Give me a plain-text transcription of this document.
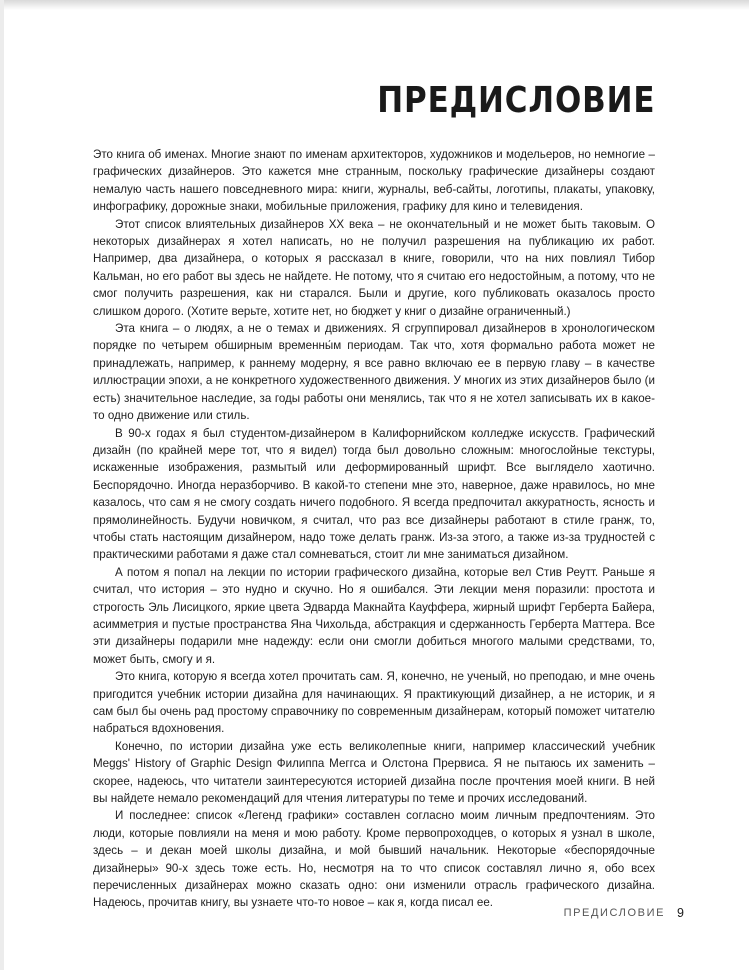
ПРЕДИСЛОВИЕ

Это книга об именах. Многие знают по именам архитекторов, художников и модельеров, но немногие – графических дизайнеров. Это кажется мне странным, поскольку графические дизайнеры создают немалую часть нашего повседневного мира: книги, журналы, веб-сайты, логотипы, плакаты, упаковку, инфографику, дорожные знаки, мобильные приложения, графику для кино и телевидения.

Этот список влиятельных дизайнеров XX века – не окончательный и не может быть таковым. О некоторых дизайнерах я хотел написать, но не получил разрешения на публикацию их работ. Например, два дизайнера, о которых я рассказал в книге, говорили, что на них повлиял Тибор Кальман, но его работ вы здесь не найдете. Не потому, что я считаю его недостойным, а потому, что не смог получить разрешения, как ни старался. Были и другие, кого публиковать оказалось просто слишком дорого. (Хотите верьте, хотите нет, но бюджет у книг о дизайне ограниченный.)

Эта книга – о людях, а не о темах и движениях. Я сгруппировал дизайнеров в хронологическом порядке по четырем обширным временны́м периодам. Так что, хотя формально работа может не принадлежать, например, к раннему модерну, я все равно включаю ее в первую главу – в качестве иллюстрации эпохи, а не конкретного художественного движения. У многих из этих дизайнеров было (и есть) значительное наследие, за годы работы они менялись, так что я не хотел записывать их в какое-то одно движение или стиль.

В 90-х годах я был студентом-дизайнером в Калифорнийском колледже искусств. Графический дизайн (по крайней мере тот, что я видел) тогда был довольно сложным: многослойные текстуры, искаженные изображения, размытый или деформированный шрифт. Все выглядело хаотично. Беспорядочно. Иногда неразборчиво. В какой-то степени мне это, наверное, даже нравилось, но мне казалось, что сам я не смогу создать ничего подобного. Я всегда предпочитал аккуратность, ясность и прямолинейность. Будучи новичком, я считал, что раз все дизайнеры работают в стиле гранж, то, чтобы стать настоящим дизайнером, надо тоже делать гранж. Из-за этого, а также из-за трудностей с практическими работами я даже стал сомневаться, стоит ли мне заниматься дизайном.

А потом я попал на лекции по истории графического дизайна, которые вел Стив Реутт. Раньше я считал, что история – это нудно и скучно. Но я ошибался. Эти лекции меня поразили: простота и строгость Эль Лисицкого, яркие цвета Эдварда Макнайта Кауффера, жирный шрифт Герберта Байера, асимметрия и пустые пространства Яна Чихольда, абстракция и сдержанность Герберта Маттера. Все эти дизайнеры подарили мне надежду: если они смогли добиться многого малыми средствами, то, может быть, смогу и я.

Это книга, которую я всегда хотел прочитать сам. Я, конечно, не ученый, но преподаю, и мне очень пригодится учебник истории дизайна для начинающих. Я практикующий дизайнер, а не историк, и я сам был бы очень рад простому справочнику по современным дизайнерам, который поможет читателю набраться вдохновения.

Конечно, по истории дизайна уже есть великолепные книги, например классический учебник Meggs' History of Graphic Design Филиппа Меггса и Олстона Прервиса. Я не пытаюсь их заменить – скорее, надеюсь, что читатели заинтересуются историей дизайна после прочтения моей книги. В ней вы найдете немало рекомендаций для чтения литературы по теме и прочих исследований.

И последнее: список «Легенд графики» составлен согласно моим личным предпочтениям. Это люди, которые повлияли на меня и мою работу. Кроме первопроходцев, о которых я узнал в школе, здесь – и декан моей школы дизайна, и мой бывший начальник. Некоторые «беспорядочные дизайнеры» 90-х здесь тоже есть. Но, несмотря на то что список составлял лично я, обо всех перечисленных дизайнерах можно сказать одно: они изменили отрасль графического дизайна. Надеюсь, прочитав книгу, вы узнаете что-то новое – как я, когда писал ее.

ПРЕДИСЛОВИЕ 9
